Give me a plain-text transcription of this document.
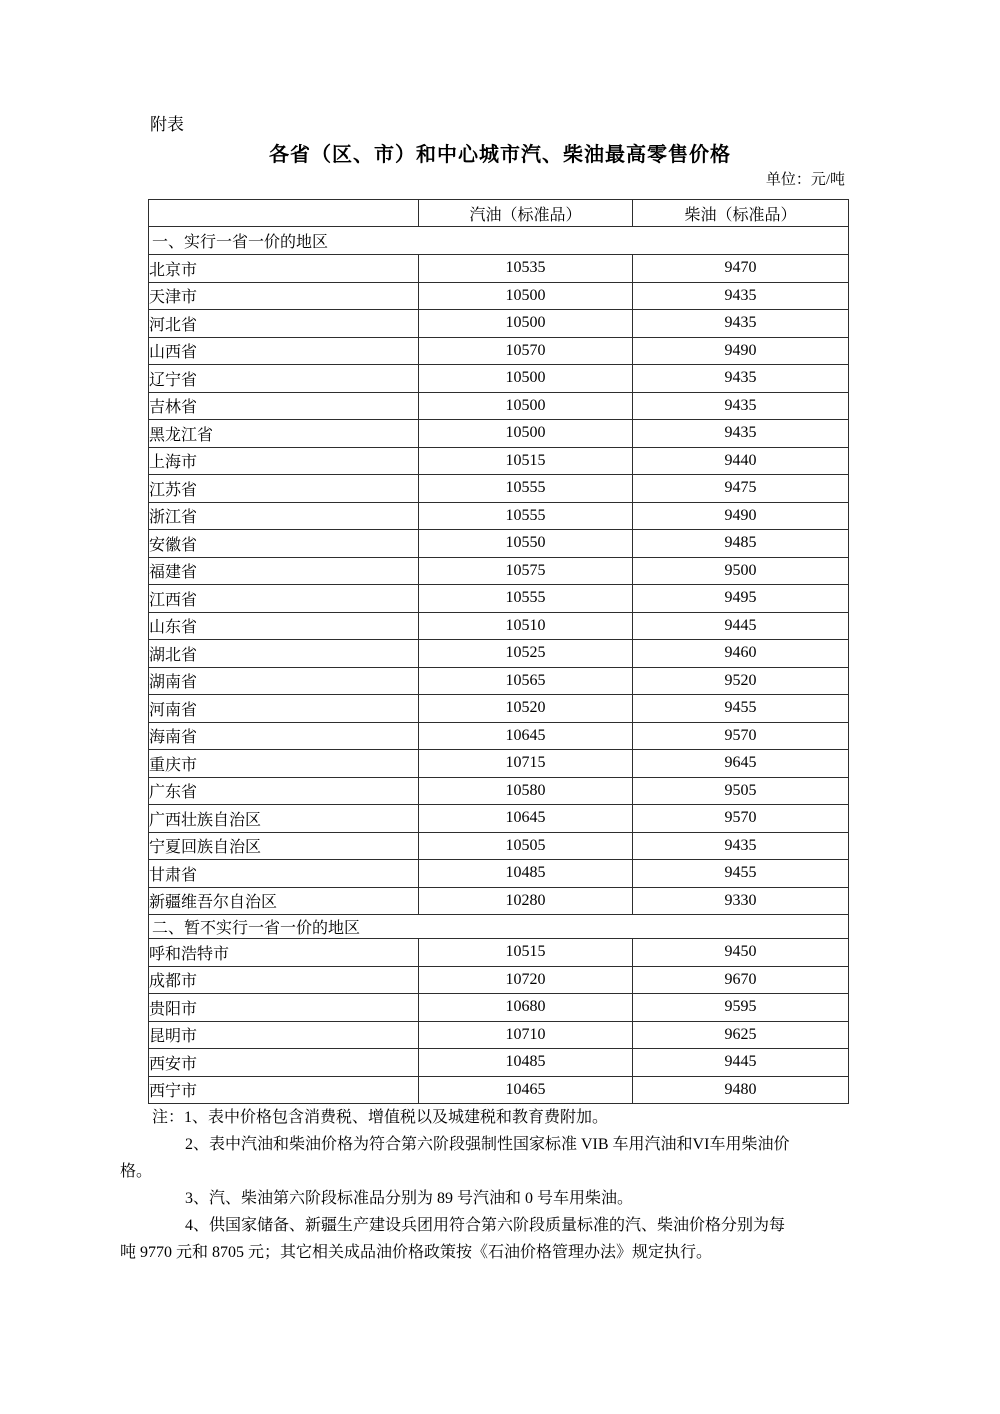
附表
各省（区、市）和中心城市汽、柴油最高零售价格
单位：元/吨
	汽油（标准品）	柴油（标准品）
一、实行一省一价的地区		
北京市	10535	9470
天津市	10500	9435
河北省	10500	9435
山西省	10570	9490
辽宁省	10500	9435
吉林省	10500	9435
黑龙江省	10500	9435
上海市	10515	9440
江苏省	10555	9475
浙江省	10555	9490
安徽省	10550	9485
福建省	10575	9500
江西省	10555	9495
山东省	10510	9445
湖北省	10525	9460
湖南省	10565	9520
河南省	10520	9455
海南省	10645	9570
重庆市	10715	9645
广东省	10580	9505
广西壮族自治区	10645	9570
宁夏回族自治区	10505	9435
甘肃省	10485	9455
新疆维吾尔自治区	10280	9330
二、暂不实行一省一价的地区		
呼和浩特市	10515	9450
成都市	10720	9670
贵阳市	10680	9595
昆明市	10710	9625
西安市	10485	9445
西宁市	10465	9480
注：1、表中价格包含消费税、增值税以及城建税和教育费附加。
2、表中汽油和柴油价格为符合第六阶段强制性国家标准 VIB 车用汽油和VI车用柴油价
格。
3、汽、柴油第六阶段标准品分别为 89 号汽油和 0 号车用柴油。
4、供国家储备、新疆生产建设兵团用符合第六阶段质量标准的汽、柴油价格分别为每
吨 9770 元和 8705 元；其它相关成品油价格政策按《石油价格管理办法》规定执行。
